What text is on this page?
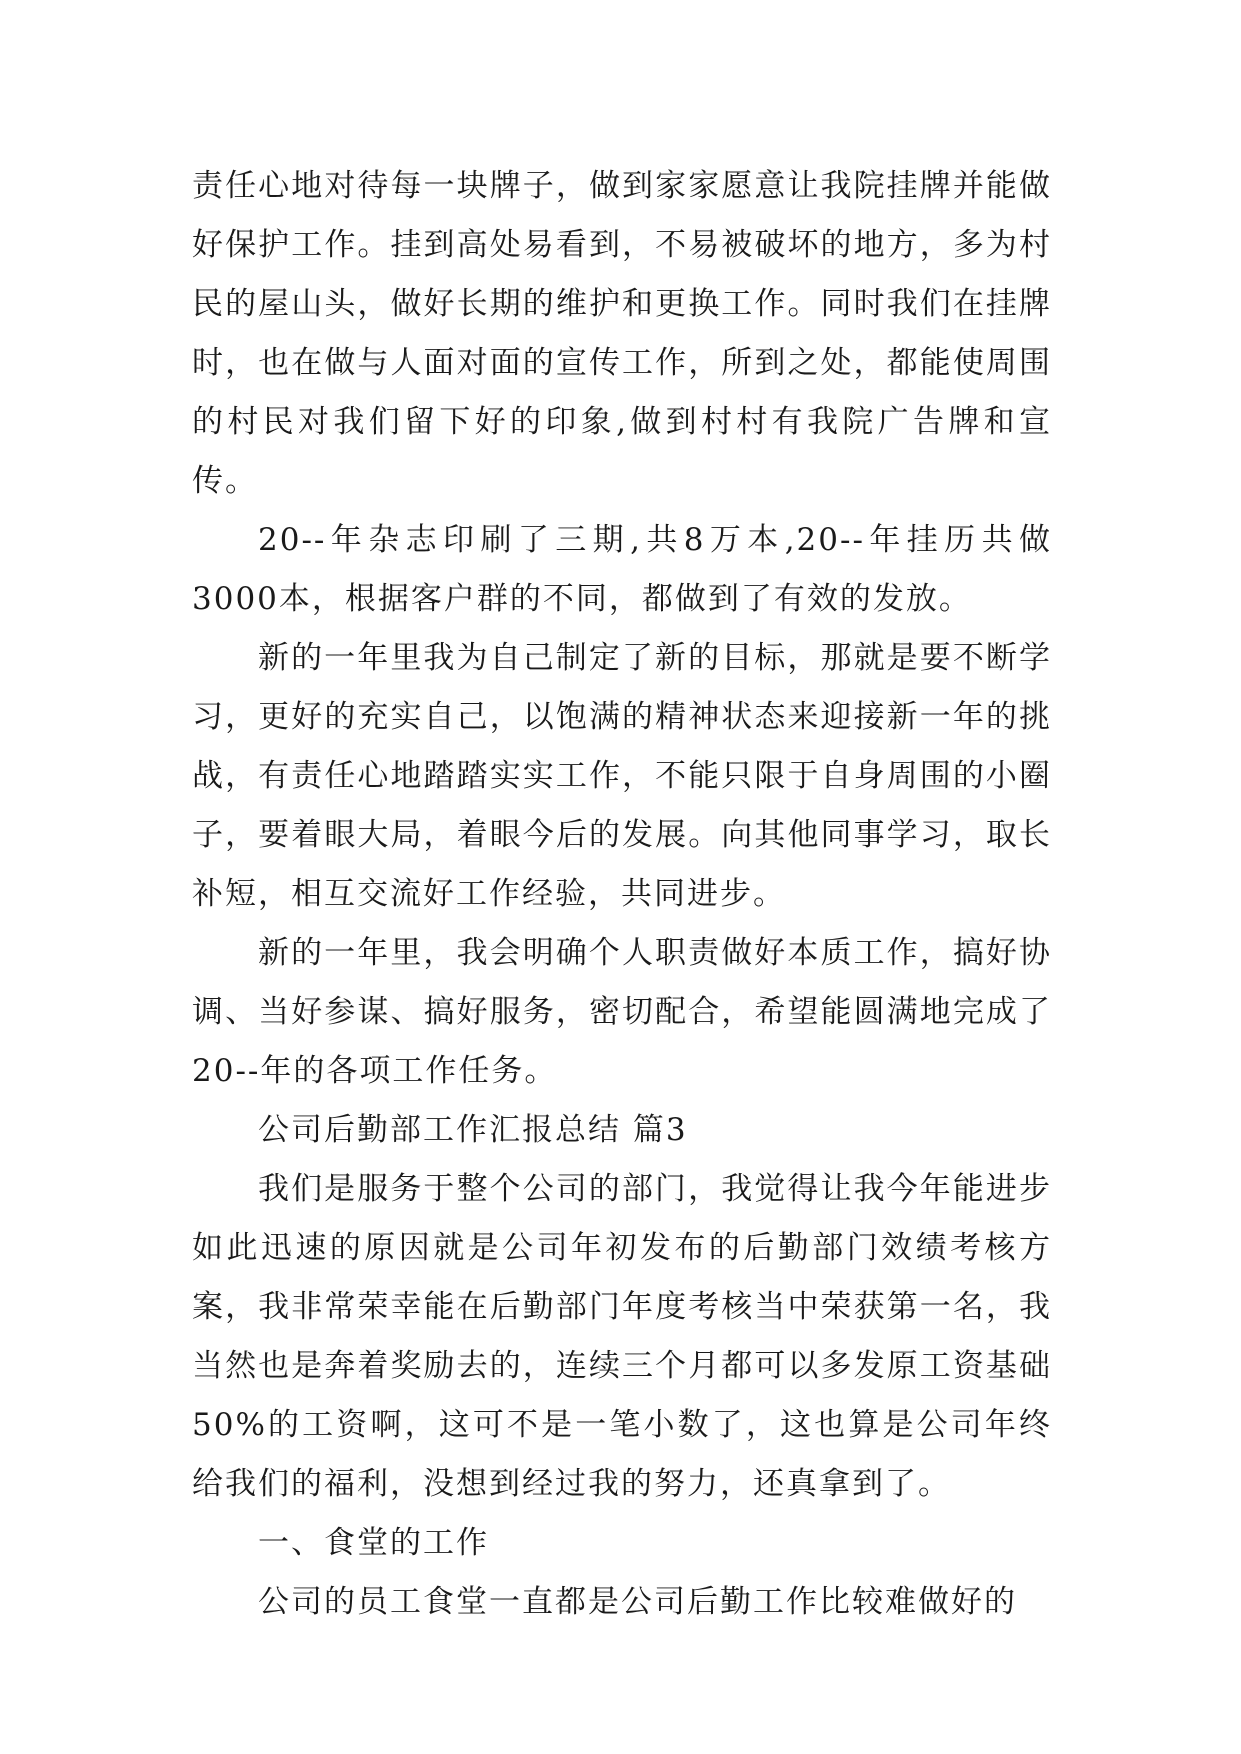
责任心地对待每一块牌子，做到家家愿意让我院挂牌并能做好保护工作。挂到高处易看到，不易被破坏的地方，多为村民的屋山头，做好长期的维护和更换工作。同时我们在挂牌时，也在做与人面对面的宣传工作，所到之处，都能使周围的村民对我们留下好的印象,做到村村有我院广告牌和宣传。

20--年杂志印刷了三期,共8万本,20--年挂历共做3000本，根据客户群的不同，都做到了有效的发放。

新的一年里我为自己制定了新的目标，那就是要不断学习，更好的充实自己，以饱满的精神状态来迎接新一年的挑战，有责任心地踏踏实实工作，不能只限于自身周围的小圈子，要着眼大局，着眼今后的发展。向其他同事学习，取长补短，相互交流好工作经验，共同进步。

新的一年里，我会明确个人职责做好本质工作，搞好协调、当好参谋、搞好服务，密切配合，希望能圆满地完成了20--年的各项工作任务。

公司后勤部工作汇报总结 篇3

我们是服务于整个公司的部门，我觉得让我今年能进步如此迅速的原因就是公司年初发布的后勤部门效绩考核方案，我非常荣幸能在后勤部门年度考核当中荣获第一名，我当然也是奔着奖励去的，连续三个月都可以多发原工资基础50%的工资啊，这可不是一笔小数了，这也算是公司年终给我们的福利，没想到经过我的努力，还真拿到了。

一、食堂的工作

公司的员工食堂一直都是公司后勤工作比较难做好的
